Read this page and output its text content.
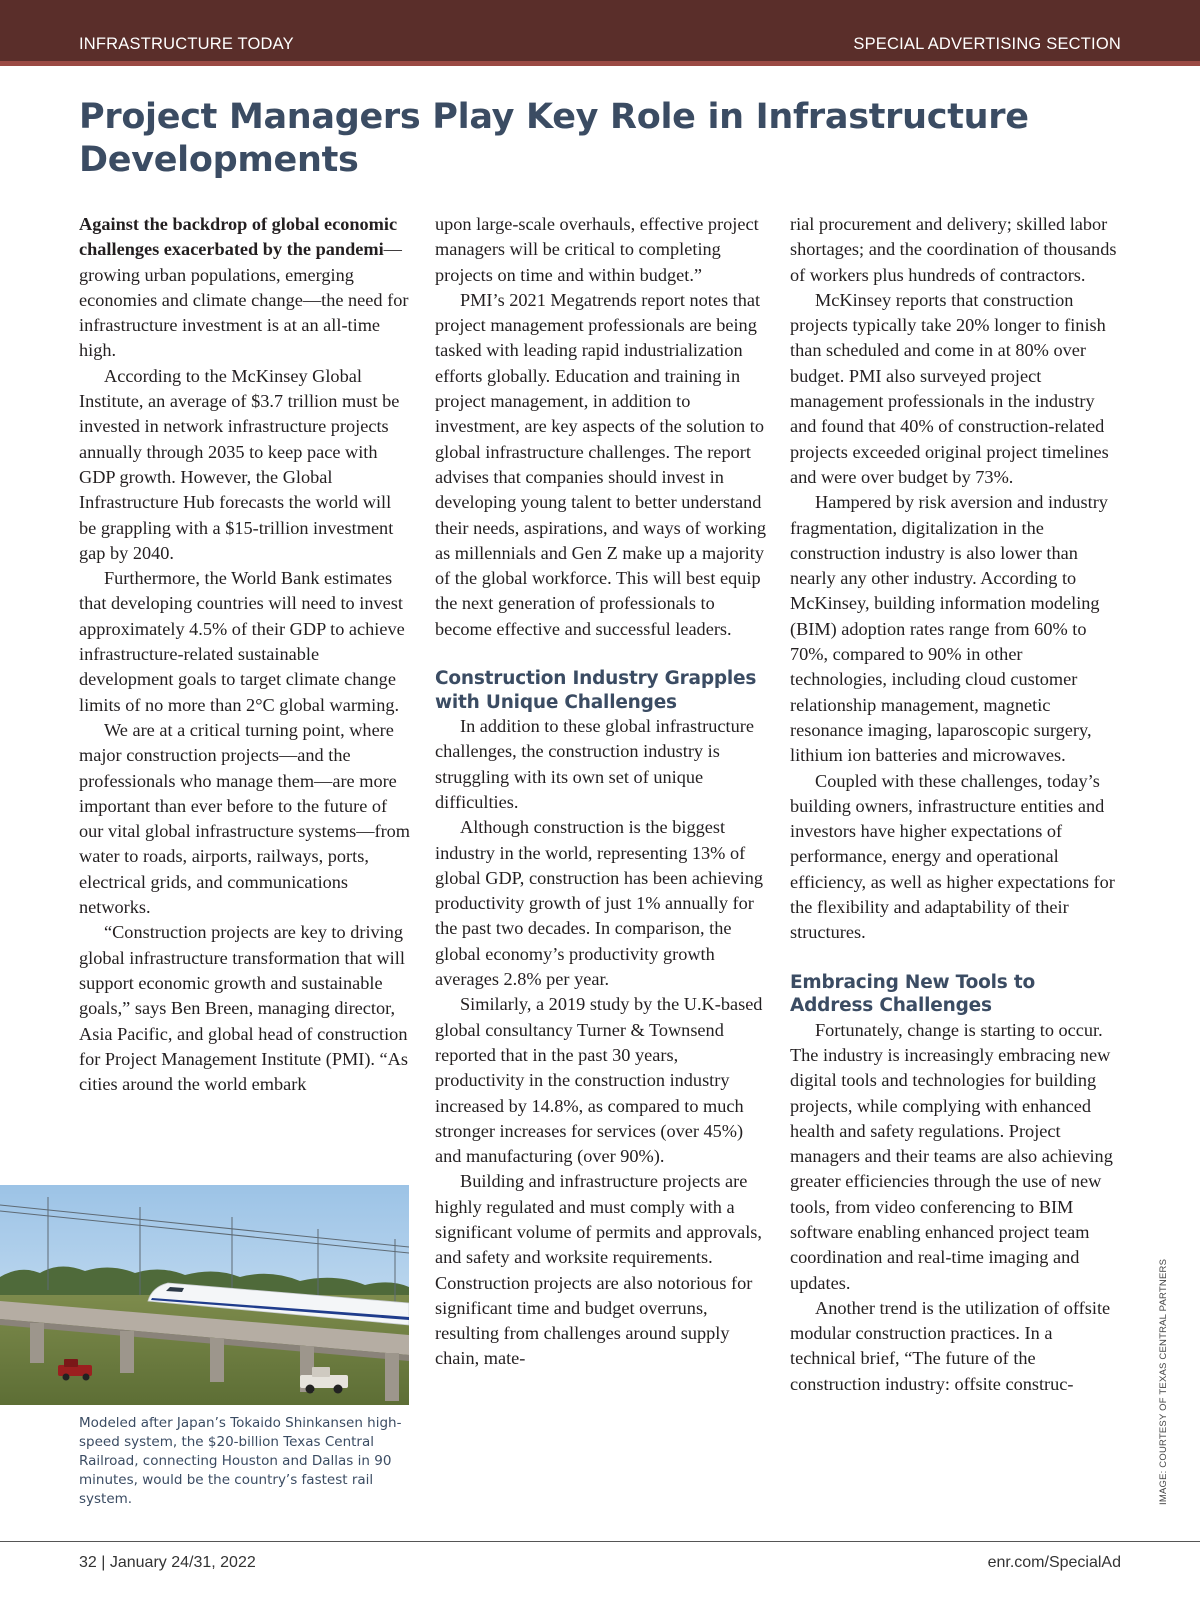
INFRASTRUCTURE TODAY	SPECIAL ADVERTISING SECTION
Project Managers Play Key Role in Infrastructure Developments

Against the backdrop of global economic challenges exacerbated by the pandemi—growing urban populations, emerging economies and climate change—the need for infrastructure investment is at an all-time high.

According to the McKinsey Global Institute, an average of $3.7 trillion must be invested in network infrastructure projects annually through 2035 to keep pace with GDP growth. However, the Global Infrastructure Hub forecasts the world will be grappling with a $15-trillion investment gap by 2040.

Furthermore, the World Bank estimates that developing countries will need to invest approximately 4.5% of their GDP to achieve infrastructure-related sustainable development goals to target climate change limits of no more than 2°C global warming.

We are at a critical turning point, where major construction projects—and the professionals who manage them—are more important than ever before to the future of our vital global infrastructure systems—from water to roads, airports, railways, ports, electrical grids, and communications networks.

“Construction projects are key to driving global infrastructure transformation that will support economic growth and sustainable goals,” says Ben Breen, managing director, Asia Pacific, and global head of construction for Project Management Institute (PMI). “As cities around the world embark

upon large-scale overhauls, effective project managers will be critical to completing projects on time and within budget.”

PMI’s 2021 Megatrends report notes that project management professionals are being tasked with leading rapid industrialization efforts globally. Education and training in project management, in addition to investment, are key aspects of the solution to global infrastructure challenges. The report advises that companies should invest in developing young talent to better understand their needs, aspirations, and ways of working as millennials and Gen Z make up a majority of the global workforce. This will best equip the next generation of professionals to become effective and successful leaders.

Construction Industry Grapples with Unique Challenges

In addition to these global infrastructure challenges, the construction industry is struggling with its own set of unique difficulties.

Although construction is the biggest industry in the world, representing 13% of global GDP, construction has been achieving productivity growth of just 1% annually for the past two decades. In comparison, the global economy’s productivity growth averages 2.8% per year.

Similarly, a 2019 study by the U.K-based global consultancy Turner & Townsend reported that in the past 30 years, productivity in the construction industry increased by 14.8%, as compared to much stronger increases for services (over 45%) and manufacturing (over 90%).

Building and infrastructure projects are highly regulated and must comply with a significant volume of permits and approvals, and safety and worksite requirements. Construction projects are also notorious for significant time and budget overruns, resulting from challenges around supply chain, mate-

rial procurement and delivery; skilled labor shortages; and the coordination of thousands of workers plus hundreds of contractors.

McKinsey reports that construction projects typically take 20% longer to finish than scheduled and come in at 80% over budget. PMI also surveyed project management professionals in the industry and found that 40% of construction-related projects exceeded original project timelines and were over budget by 73%.

Hampered by risk aversion and industry fragmentation, digitalization in the construction industry is also lower than nearly any other industry. According to McKinsey, building information modeling (BIM) adoption rates range from 60% to 70%, compared to 90% in other technologies, including cloud customer relationship management, magnetic resonance imaging, laparoscopic surgery, lithium ion batteries and microwaves.

Coupled with these challenges, today’s building owners, infrastructure entities and investors have higher expectations of performance, energy and operational efficiency, as well as higher expectations for the flexibility and adaptability of their structures.

Embracing New Tools to Address Challenges

Fortunately, change is starting to occur. The industry is increasingly embracing new digital tools and technologies for building projects, while complying with enhanced health and safety regulations. Project managers and their teams are also achieving greater efficiencies through the use of new tools, from video conferencing to BIM software enabling enhanced project team coordination and real-time imaging and updates.

Another trend is the utilization of offsite modular construction practices. In a technical brief, “The future of the construction industry: offsite construc-

Modeled after Japan’s Tokaido Shinkansen high-speed system, the $20-billion Texas Central Railroad, connecting Houston and Dallas in 90 minutes, would be the country’s fastest rail system.	IMAGE: COURTESY OF TEXAS CENTRAL PARTNERS
32 | January 24/31, 2022	enr.com/SpecialAd
